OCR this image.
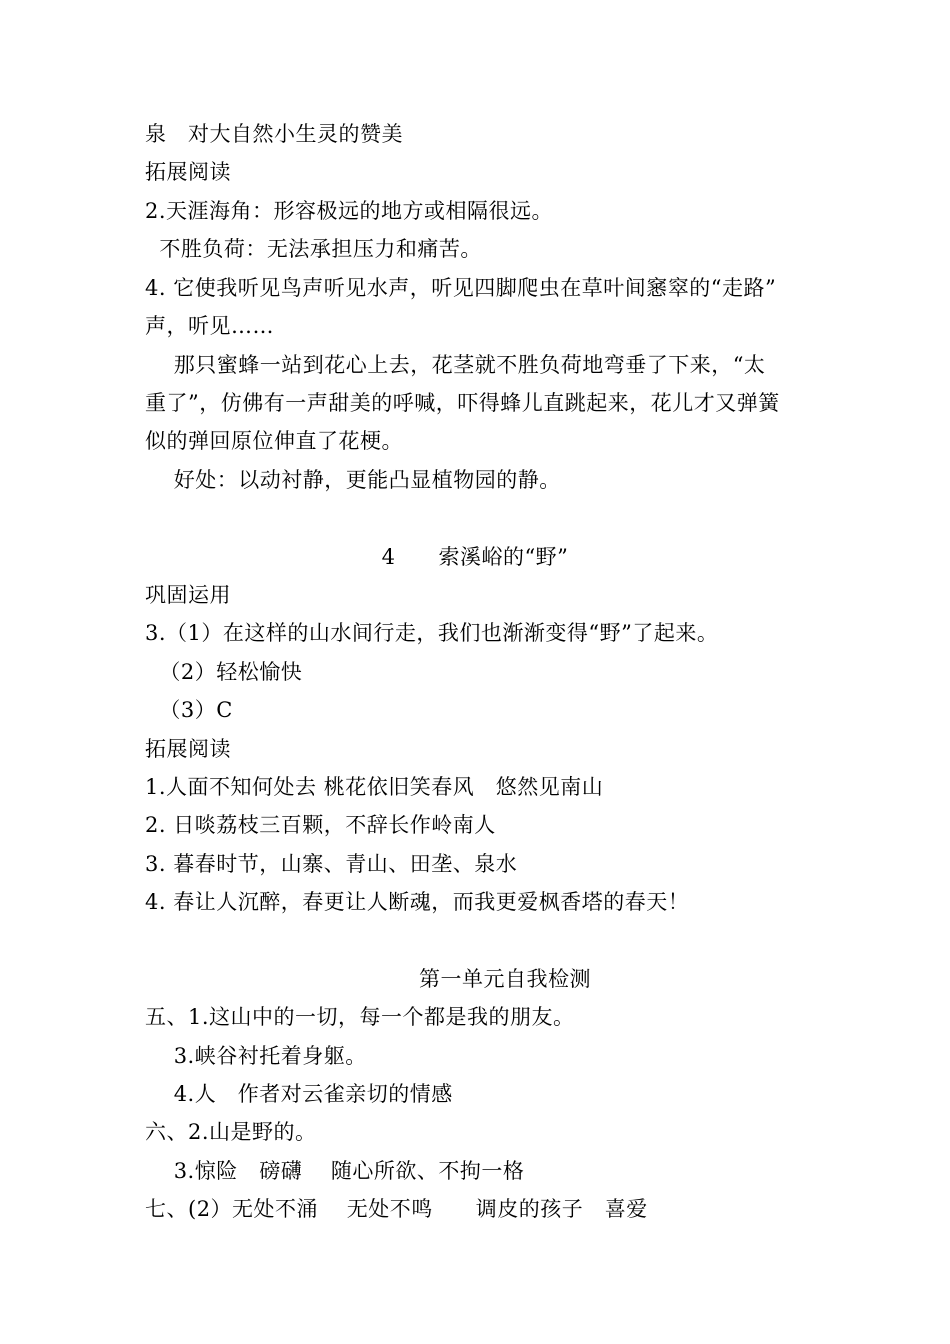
泉　对大自然小生灵的赞美
拓展阅读
2.天涯海角：形容极远的地方或相隔很远。
不胜负荷：无法承担压力和痛苦。
4. 它使我听见鸟声听见水声，听见四脚爬虫在草叶间窸窣的“走路”
声，听见……
那只蜜蜂一站到花心上去，花茎就不胜负荷地弯垂了下来，“太
重了”，仿佛有一声甜美的呼喊，吓得蜂儿直跳起来，花儿才又弹簧
似的弹回原位伸直了花梗。
好处：以动衬静，更能凸显植物园的静。
4　　索溪峪的“野”
巩固运用
3.（1）在这样的山水间行走，我们也渐渐变得“野”了起来。
（2）轻松愉快
（3）C
拓展阅读
1.人面不知何处去 桃花依旧笑春风　悠然见南山
2. 日啖荔枝三百颗，不辞长作岭南人
3. 暮春时节，山寨、青山、田垄、泉水
4. 春让人沉醉，春更让人断魂，而我更爱枫香塔的春天！
第一单元自我检测
五、1.这山中的一切，每一个都是我的朋友。
3.峡谷衬托着身躯。
4.人　作者对云雀亲切的情感
六、2.山是野的。
3.惊险　磅礴　 随心所欲、不拘一格
七、(2）无处不涌　 无处不鸣　　调皮的孩子　喜爱
